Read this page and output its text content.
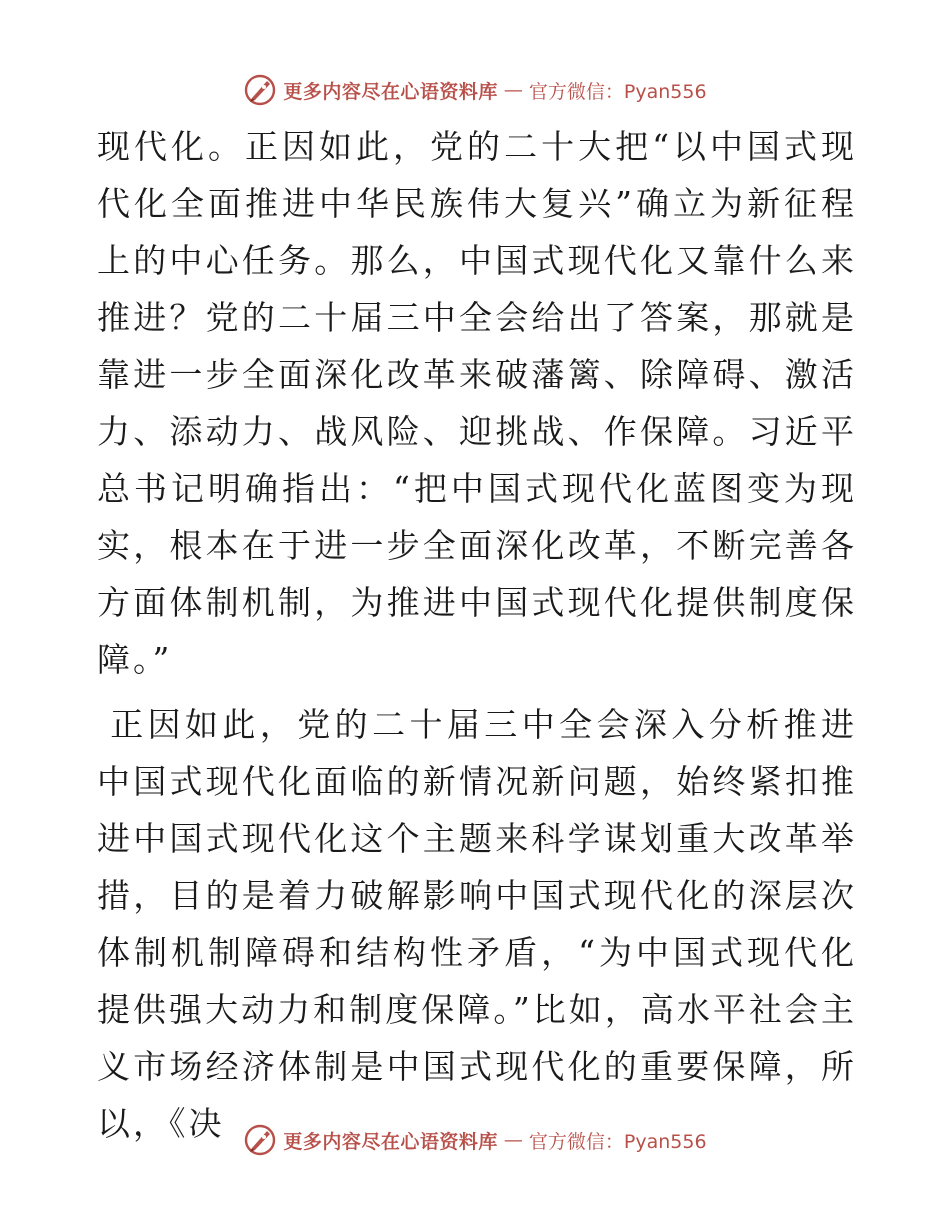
更多内容尽在心语资料库 — 官方微信：Pyan556

现代化。正因如此，党的二十大把“以中国式现代化全面推进中华民族伟大复兴”确立为新征程上的中心任务。那么，中国式现代化又靠什么来推进？党的二十届三中全会给出了答案，那就是靠进一步全面深化改革来破藩篱、除障碍、激活力、添动力、战风险、迎挑战、作保障。习近平总书记明确指出：“把中国式现代化蓝图变为现实，根本在于进一步全面深化改革，不断完善各方面体制机制，为推进中国式现代化提供制度保障。”

正因如此，党的二十届三中全会深入分析推进中国式现代化面临的新情况新问题，始终紧扣推进中国式现代化这个主题来科学谋划重大改革举措，目的是着力破解影响中国式现代化的深层次体制机制障碍和结构性矛盾，“为中国式现代化提供强大动力和制度保障。”比如，高水平社会主义市场经济体制是中国式现代化的重要保障，所以，《决	更多内容尽在心语资料库 — 官方微信：Pyan556
